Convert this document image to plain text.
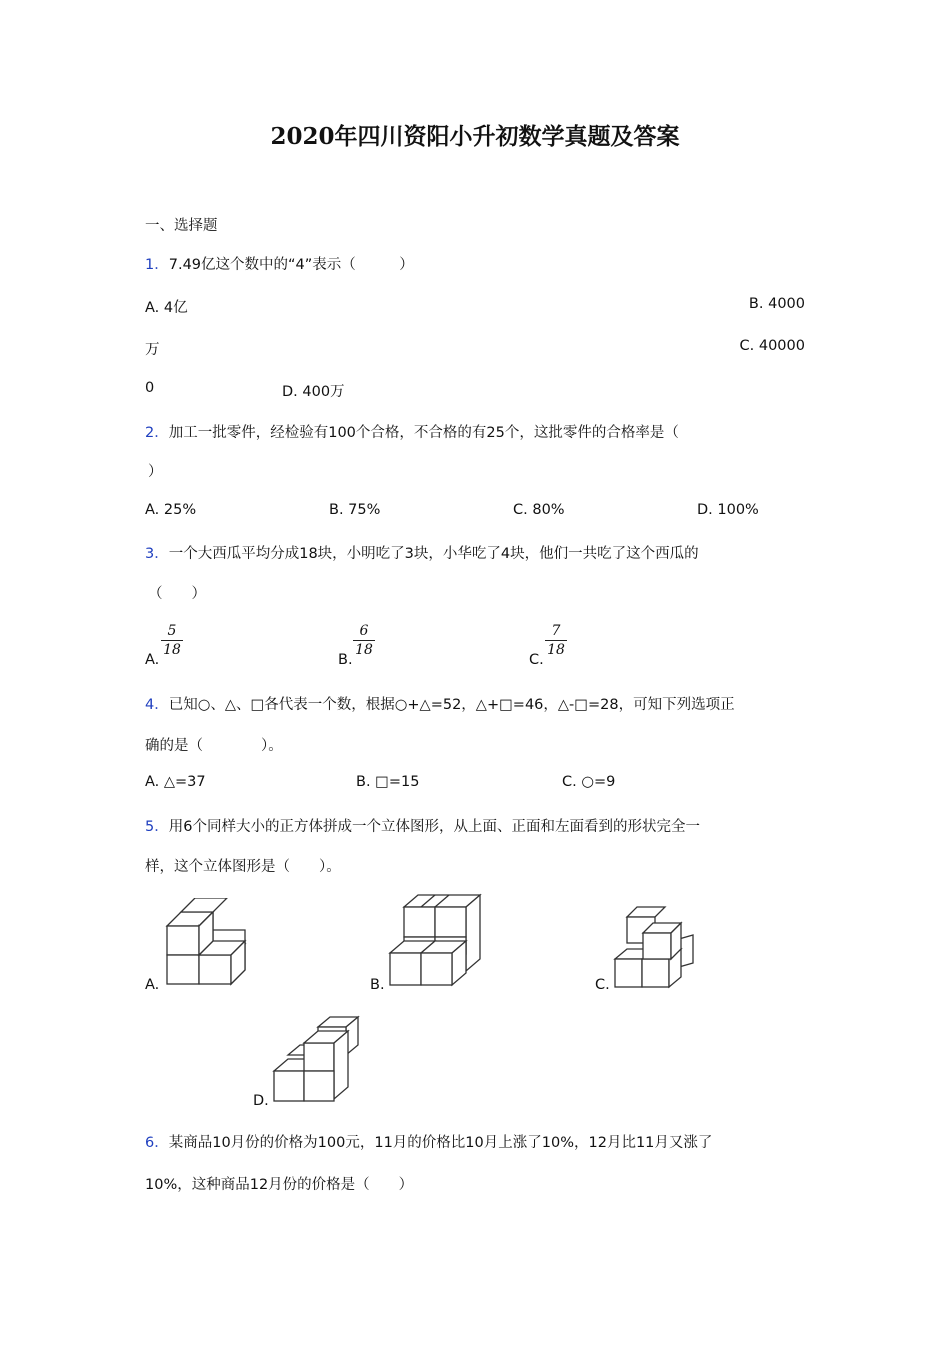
2020年四川资阳小升初数学真题及答案
一、选择题
1．7.49亿这个数中的“4”表示（　　　）
A. 4亿	B. 4000
万	C. 40000
0	D. 400万
2．加工一批零件，经检验有100个合格，不合格的有25个，这批零件的合格率是（
）
A. 25%	B. 75%	C. 80%	D. 100%
3．一个大西瓜平均分成18块，小明吃了3块，小华吃了4块，他们一共吃了这个西瓜的
（　　）
A.
$\frac{5}{18}$
B.
$\frac{6}{18}$
C.
$\frac{7}{18}$
4．已知○、△、□各代表一个数，根据○+△=52，△+□=46，△-□=28，可知下列选项正
确的是（　　　　）。
A. △=37	B. □=15	C. ○=9
5．用6个同样大小的正方体拼成一个立体图形，从上面、正面和左面看到的形状完全一
样，这个立体图形是（　　）。
A.	B.	C.
D.
6．某商品10月份的价格为100元，11月的价格比10月上涨了10%，12月比11月又涨了
10%，这种商品12月份的价格是（　　）
